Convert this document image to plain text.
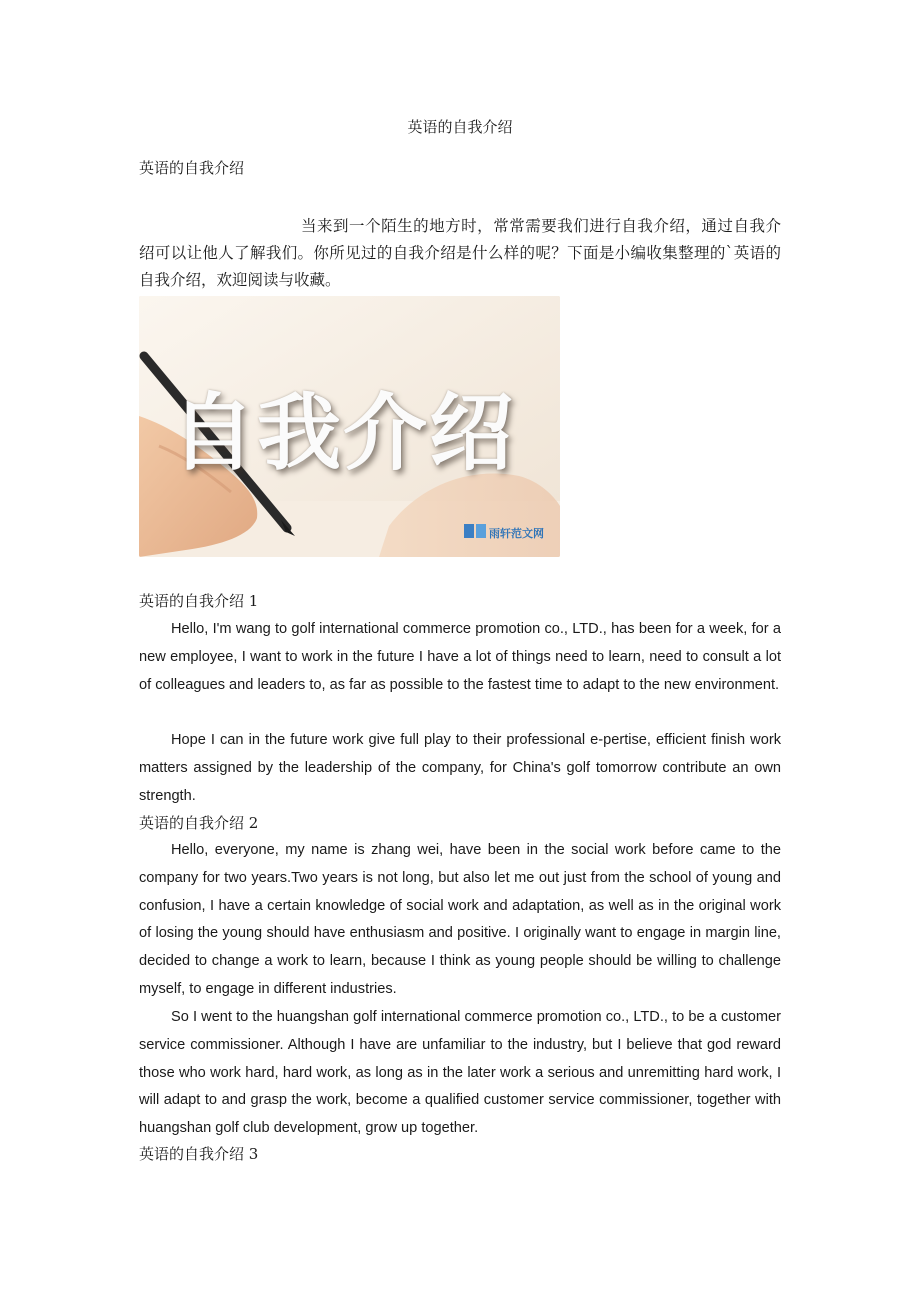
英语的自我介绍
英语的自我介绍
当来到一个陌生的地方时，常常需要我们进行自我介绍，通过自我介绍可以让他人了解我们。你所见过的自我介绍是什么样的呢？下面是小编收集整理的`英语的自我介绍，欢迎阅读与收藏。
自我介绍
雨轩范文网
英语的自我介绍 1

Hello, I'm wang to golf international commerce promotion co., LTD., has been for a week, for a new employee, I want to work in the future I have a lot of things need to learn, need to consult a lot of colleagues and leaders to, as far as possible to the fastest time to adapt to the new environment.

Hope I can in the future work give full play to their professional e-pertise, efficient finish work matters assigned by the leadership of the company, for China's golf tomorrow contribute an own strength.

英语的自我介绍 2

Hello, everyone, my name is zhang wei, have been in the social work before came to the company for two years.Two years is not long, but also let me out just from the school of young and confusion, I have a certain knowledge of social work and adaptation, as well as in the original work of losing the young should have enthusiasm and positive. I originally want to engage in margin line, decided to change a work to learn, because I think as young people should be willing to challenge myself, to engage in different industries.

So I went to the huangshan golf international commerce promotion co., LTD., to be a customer service commissioner. Although I have are unfamiliar to the industry, but I believe that god reward those who work hard, hard work, as long as in the later work a serious and unremitting hard work, I will adapt to and grasp the work, become a qualified customer service commissioner, together with huangshan golf club development, grow up together.

英语的自我介绍 3
